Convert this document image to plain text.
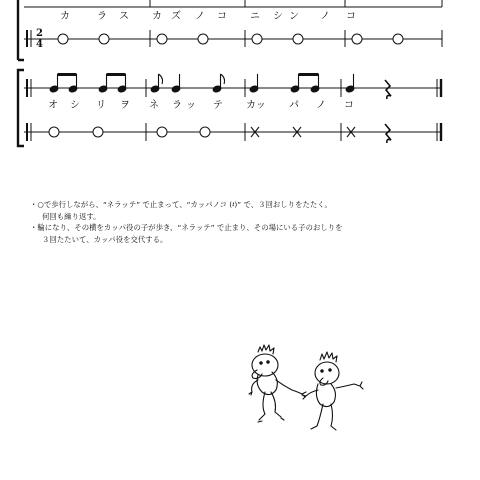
2
4
カ	ラ ス カ ズ ノ コ ニ シ ン ノ コ
オ シ リ ヲ ネ ラ ッ テ カッ パ ノ コ

・○で歩行しながら、“ネラッテ” で止まって、“カッパノコ (𝄽)” で、３回おしりをたたく。

何回も繰り返す。

・輪になり、その横をカッパ役の子が歩き、“ネラッテ” で止まり、その場にいる子のおしりを

３回たたいて、カッパ役を交代する。
